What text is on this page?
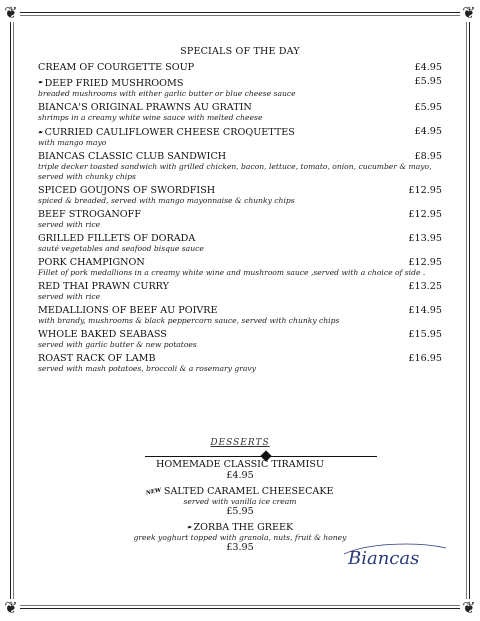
❦	❦
❦	❦
SPECIALS OF THE DAY
CREAM OF COURGETTE SOUP	£4.95
❧ DEEP FRIED MUSHROOMS	£5.95
breaded mushrooms with either garlic butter or blue cheese sauce
BIANCA'S ORIGINAL PRAWNS AU GRATIN	£5.95
shrimps in a creamy white wine sauce with melted cheese
❧ CURRIED CAULIFLOWER CHEESE CROQUETTES	£4.95
with mango mayo
BIANCAS CLASSIC CLUB SANDWICH	£8.95
triple decker toasted sandwich with grilled chicken, bacon, lettuce, tomato, onion, cucumber & mayo, served with chunky chips
SPICED GOUJONS OF SWORDFISH	£12.95
spiced & breaded, served with mango mayonnaise & chunky chips
BEEF STROGANOFF	£12.95
served with rice
GRILLED FILLETS OF DORADA	£13.95
sauté vegetables and seafood bisque sauce
PORK CHAMPIGNON	£12.95
Fillet of pork medallions in a creamy white wine and mushroom sauce ,served with a choice of side .
RED THAI PRAWN CURRY	£13.25
served with rice
MEDALLIONS OF BEEF AU POIVRE	£14.95
with brandy, mushrooms & black peppercorn sauce, served with chunky chips
WHOLE BAKED SEABASS	£15.95
served with garlic butter & new potatoes
ROAST RACK OF LAMB	£16.95
served with mash potatoes, broccoli & a rosemary gravy
DESSERTS
HOMEMADE CLASSIC TIRAMISU
£4.95
NEW SALTED CARAMEL CHEESECAKE
served with vanilla ice cream
£5.95
❧ ZORBA THE GREEK
greek yoghurt topped with granola, nuts, fruit & honey
£3.95
Biancas
